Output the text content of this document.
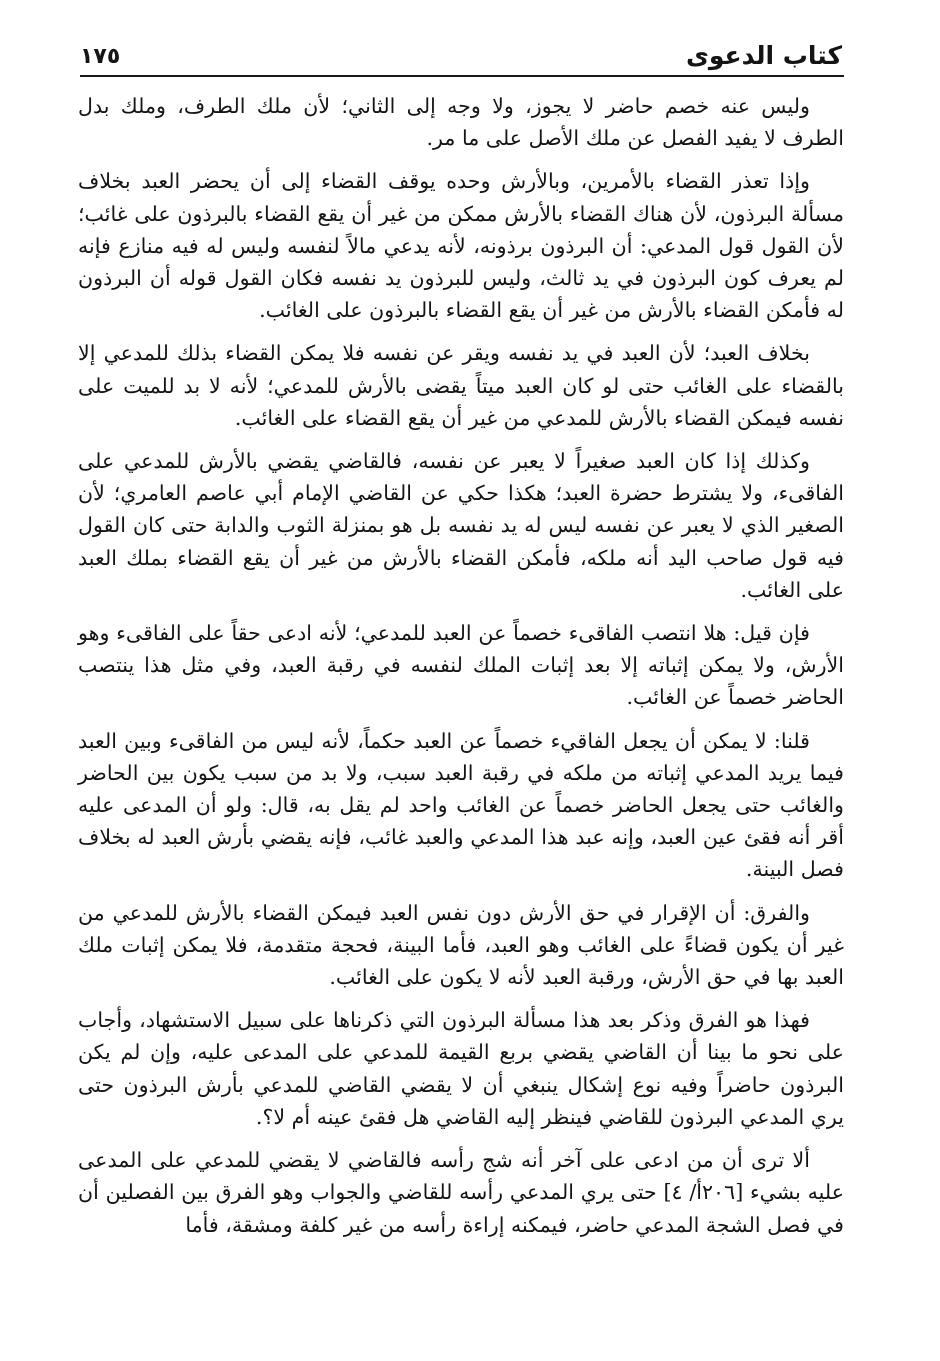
كتاب الدعوى
١٧٥

وليس عنه خصم حاضر لا يجوز، ولا وجه إلى الثاني؛ لأن ملك الطرف، وملك بدل الطرف لا يفيد الفصل عن ملك الأصل على ما مر.

وإذا تعذر القضاء بالأمرين، وبالأرش وحده يوقف القضاء إلى أن يحضر العبد بخلاف مسألة البرذون، لأن هناك القضاء بالأرش ممكن من غير أن يقع القضاء بالبرذون على غائب؛ لأن القول قول المدعي: أن البرذون برذونه، لأنه يدعي مالاً لنفسه وليس له فيه منازع فإنه لم يعرف كون البرذون في يد ثالث، وليس للبرذون يد نفسه فكان القول قوله أن البرذون له فأمكن القضاء بالأرش من غير أن يقع القضاء بالبرذون على الغائب.

بخلاف العبد؛ لأن العبد في يد نفسه ويقر عن نفسه فلا يمكن القضاء بذلك للمدعي إلا بالقضاء على الغائب حتى لو كان العبد ميتاً يقضى بالأرش للمدعي؛ لأنه لا بد للميت على نفسه فيمكن القضاء بالأرش للمدعي من غير أن يقع القضاء على الغائب.

وكذلك إذا كان العبد صغيراً لا يعبر عن نفسه، فالقاضي يقضي بالأرش للمدعي على الفاقىء، ولا يشترط حضرة العبد؛ هكذا حكي عن القاضي الإمام أبي عاصم العامري؛ لأن الصغير الذي لا يعبر عن نفسه ليس له يد نفسه بل هو بمنزلة الثوب والدابة حتى كان القول فيه قول صاحب اليد أنه ملكه، فأمكن القضاء بالأرش من غير أن يقع القضاء بملك العبد على الغائب.

فإن قيل: هلا انتصب الفاقىء خصماً عن العبد للمدعي؛ لأنه ادعى حقاً على الفاقىء وهو الأرش، ولا يمكن إثباته إلا بعد إثبات الملك لنفسه في رقبة العبد، وفي مثل هذا ينتصب الحاضر خصماً عن الغائب.

قلنا: لا يمكن أن يجعل الفاقيء خصماً عن العبد حكماً، لأنه ليس من الفاقىء وبين العبد فيما يريد المدعي إثباته من ملكه في رقبة العبد سبب، ولا بد من سبب يكون بين الحاضر والغائب حتى يجعل الحاضر خصماً عن الغائب واحد لم يقل به، قال: ولو أن المدعى عليه أقر أنه فقئ عين العبد، وإنه عبد هذا المدعي والعبد غائب، فإنه يقضي بأرش العبد له بخلاف فصل البينة.

والفرق: أن الإقرار في حق الأرش دون نفس العبد فيمكن القضاء بالأرش للمدعي من غير أن يكون قضاءً على الغائب وهو العبد، فأما البينة، فحجة متقدمة، فلا يمكن إثبات ملك العبد بها في حق الأرش، ورقبة العبد لأنه لا يكون على الغائب.

فهذا هو الفرق وذكر بعد هذا مسألة البرذون التي ذكرناها على سبيل الاستشهاد، وأجاب على نحو ما بينا أن القاضي يقضي بربع القيمة للمدعي على المدعى عليه، وإن لم يكن البرذون حاضراً وفيه نوع إشكال ينبغي أن لا يقضي القاضي للمدعي بأرش البرذون حتى يري المدعي البرذون للقاضي فينظر إليه القاضي هل فقئ عينه أم لا؟.

ألا ترى أن من ادعى على آخر أنه شج رأسه فالقاضي لا يقضي للمدعي على المدعى عليه بشيء [٢٠٦أ/ ٤] حتى يري المدعي رأسه للقاضي والجواب وهو الفرق بين الفصلين أن في فصل الشجة المدعي حاضر، فيمكنه إراءة رأسه من غير كلفة ومشقة، فأما
